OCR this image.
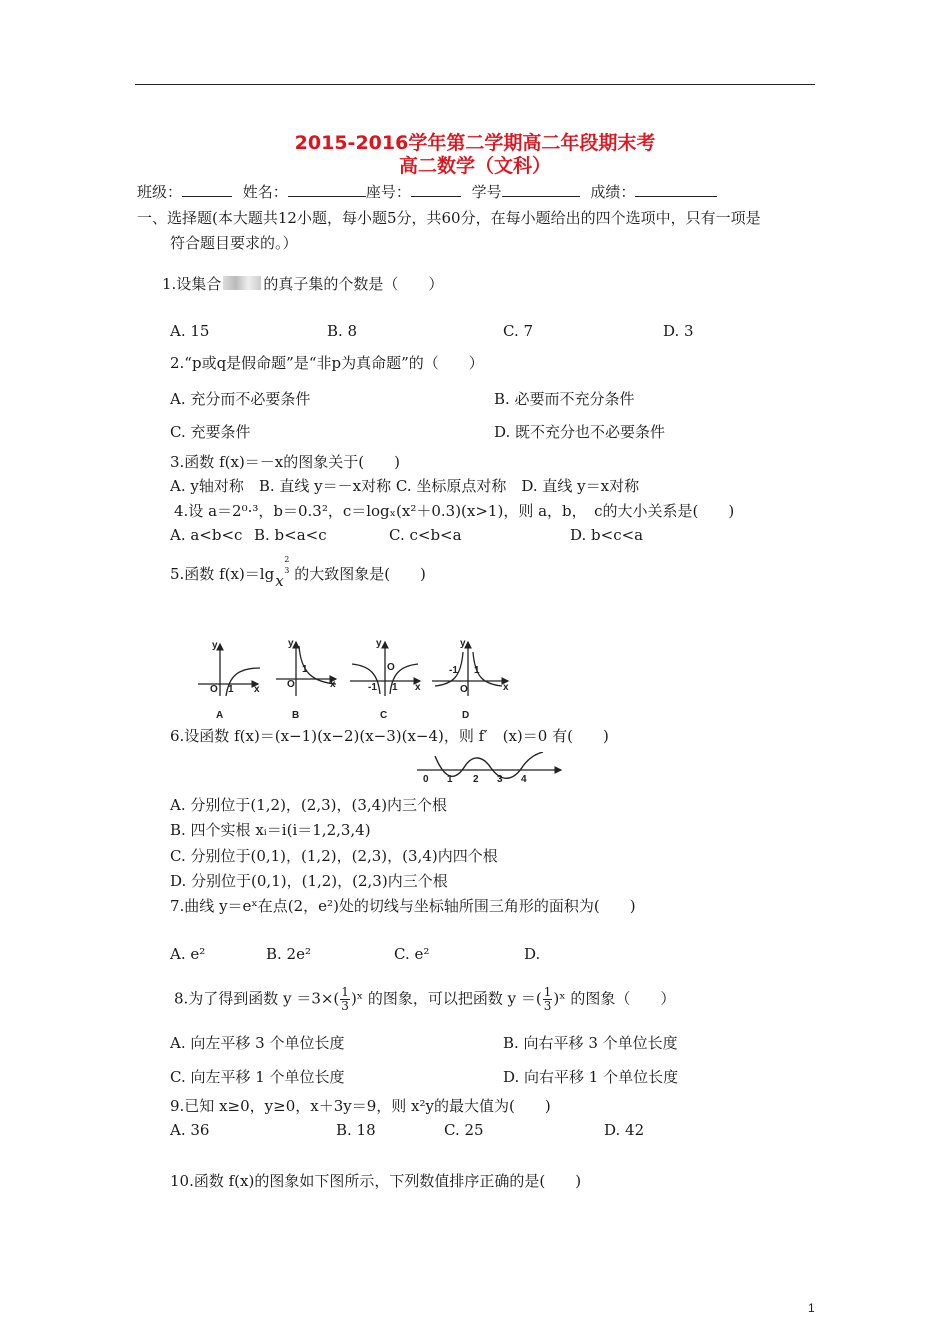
2015-2016学年第二学期高二年段期末考
高二数学（文科）
班级：	姓名：	座号：	学号	成绩：
一、选择题(本大题共12小题，每小题5分，共60分，在每小题给出的四个选项中，只有一项是
符合题目要求的。）
1.设集合	的真子集的个数是（　　）
A. 15	B. 8	C. 7	D. 3
2.“p或q是假命题”是“非p为真命题”的（　　）
A. 充分而不必要条件	B. 必要而不充分条件
C. 充要条件	D. 既不充分也不必要条件
3.函数 f(x)＝－x的图象关于(　　)
A. y轴对称　B. 直线 y＝－x对称 C. 坐标原点对称　D. 直线 y＝x对称
4.设 a＝2⁰·³，b＝0.3²，c＝logₓ(x²＋0.3)(x>1)，则 a，b，　c的大小关系是(　　)
A. a<b<c B. b<a<c	C. c<b<a	D. b<c<a
5.函数 f(x)＝lg x
2
3 的大致图象是(　　)
y
O 1 x
y
O
1
x
y
O
-1 1 x
y
O
-1 1
x
A	B	C	D
6.设函数 f(x)＝(x−1)(x−2)(x−3)(x−4)，则 f′　(x)＝0 有(　　)
0 1 2 3 4
A. 分别位于(1,2)，(2,3)，(3,4)内三个根
B. 四个实根 xᵢ＝i(i＝1,2,3,4)
C. 分别位于(0,1)，(1,2)，(2,3)，(3,4)内四个根
D. 分别位于(0,1)，(1,2)，(2,3)内三个根
7.曲线 y＝eˣ在点(2，e²)处的切线与坐标轴所围三角形的面积为(　　)
A. e²	B. 2e²	C. e²	D.
8.为了得到函数 $y =3\times( \frac{1}{3}$ )ˣ 的图象，可以把函数 y ＝( $\frac{1}{3}$ )ˣ 的图象（　　）
A. 向左平移 3 个单位长度	B. 向右平移 3 个单位长度
C. 向左平移 1 个单位长度	D. 向右平移 1 个单位长度
9.已知 x≥0，y≥0，x＋3y＝9，则 x²y的最大值为(　　)
A. 36	B. 18	C. 25	D. 42
10.函数 f(x)的图象如下图所示，下列数值排序正确的是(　　)
1
